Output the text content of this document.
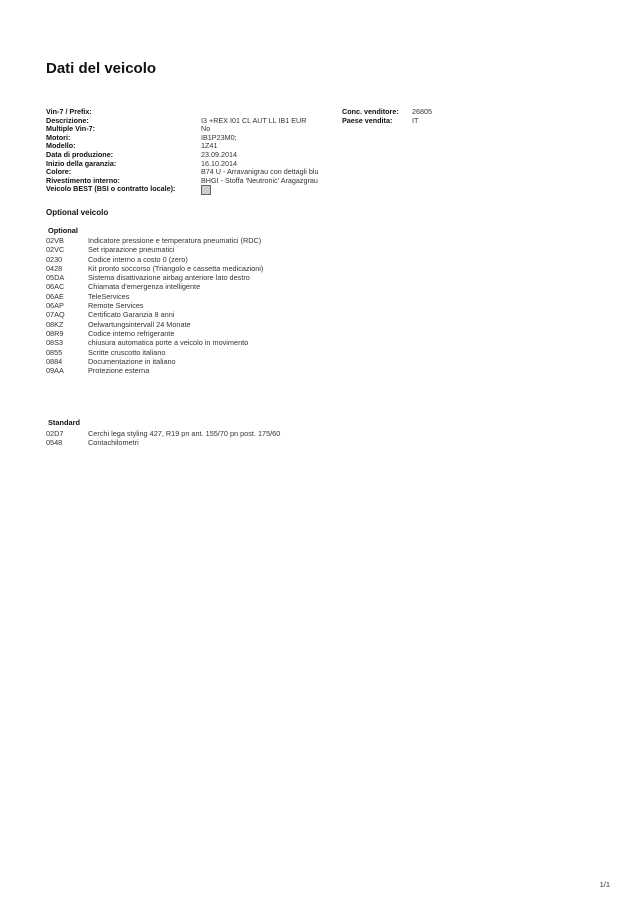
Dati del veicolo
Vin-7 / Prefix:
Descrizione:	I3 +REX I01 CL AUT LL IB1 EUR
Multiple Vin-7:	No
Motori:	IB1P23M0;
Modello:	1Z41
Data di produzione:	23.09.2014
Inizio della garanzia:	16.10.2014
Colore:	B74 U - Arravanigrau con dettagli blu
Rivestimento interno:	BHGI - Stoffa 'Neutronic' Aragazgrau
Veicolo BEST (BSI o contratto locale):
Conc. venditore: 26805
Paese vendita:	IT
Optional veicolo
Optional
02VB	Indicatore pressione e temperatura pneumatici (RDC)
02VC	Set riparazione pneumatici
0230	Codice interno a costo 0 (zero)
0428	Kit pronto soccorso (Triangolo e cassetta medicazioni)
05DA	Sistema disattivazione airbag anteriore lato destro
06AC	Chiamata d'emergenza intelligente
06AE	TeleServices
06AP	Remote Services
07AQ	Certificato Garanzia 8 anni
08KZ	Oelwartungsintervall 24 Monate
08R9	Codice interno refrigerante
08S3	chiusura automatica porte a veicolo in movimento
0855	Scritte cruscotto italiano
0884	Documentazione in italiano
09AA	Protezione esterna
Standard
02D7	Cerchi lega styling 427, R19 pn ant. 155/70 pn post. 175/60
0548	Contachilometri
1/1
